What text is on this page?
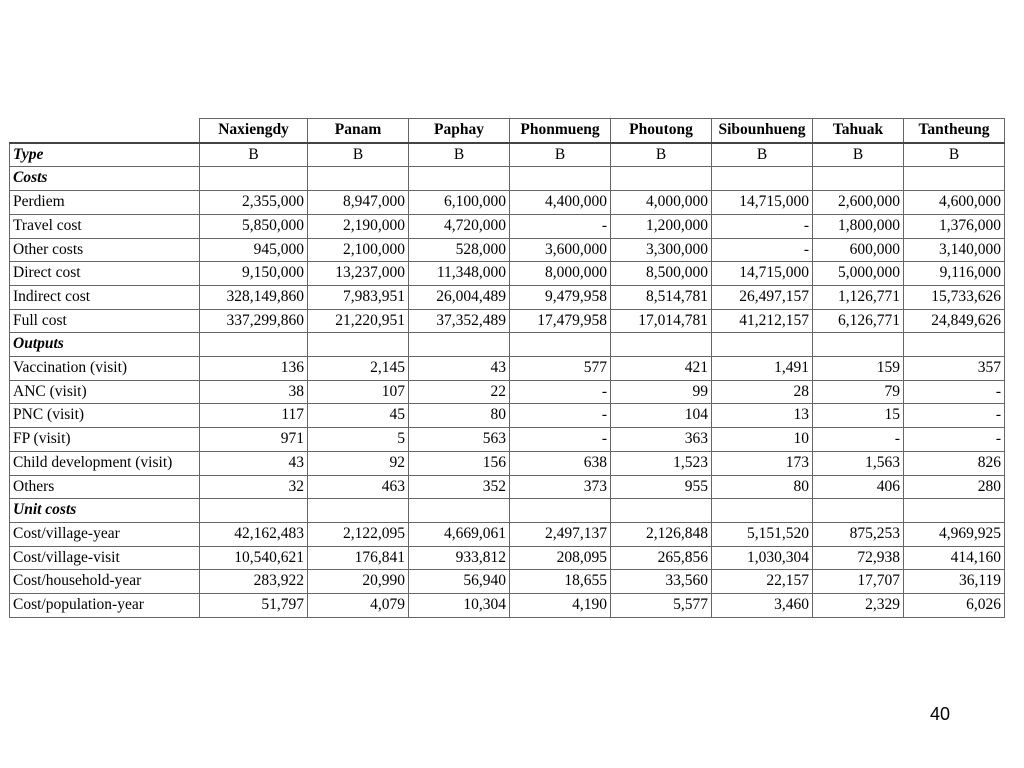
	Naxiengdy	Panam	Paphay	Phonmueng	Phoutong	Sibounhueng	Tahuak	Tantheung
Type	B	B	B	B	B	B	B	B
Costs								
Perdiem	2,355,000	8,947,000	6,100,000	4,400,000	4,000,000	14,715,000	2,600,000	4,600,000
Travel cost	5,850,000	2,190,000	4,720,000	-	1,200,000	-	1,800,000	1,376,000
Other costs	945,000	2,100,000	528,000	3,600,000	3,300,000	-	600,000	3,140,000
Direct cost	9,150,000	13,237,000	11,348,000	8,000,000	8,500,000	14,715,000	5,000,000	9,116,000
Indirect cost	328,149,860	7,983,951	26,004,489	9,479,958	8,514,781	26,497,157	1,126,771	15,733,626
Full cost	337,299,860	21,220,951	37,352,489	17,479,958	17,014,781	41,212,157	6,126,771	24,849,626
Outputs								
Vaccination (visit)	136	2,145	43	577	421	1,491	159	357
ANC (visit)	38	107	22	-	99	28	79	-
PNC (visit)	117	45	80	-	104	13	15	-
FP (visit)	971	5	563	-	363	10	-	-
Child development (visit)	43	92	156	638	1,523	173	1,563	826
Others	32	463	352	373	955	80	406	280
Unit costs								
Cost/village-year	42,162,483	2,122,095	4,669,061	2,497,137	2,126,848	5,151,520	875,253	4,969,925
Cost/village-visit	10,540,621	176,841	933,812	208,095	265,856	1,030,304	72,938	414,160
Cost/household-year	283,922	20,990	56,940	18,655	33,560	22,157	17,707	36,119
Cost/population-year	51,797	4,079	10,304	4,190	5,577	3,460	2,329	6,026
40
